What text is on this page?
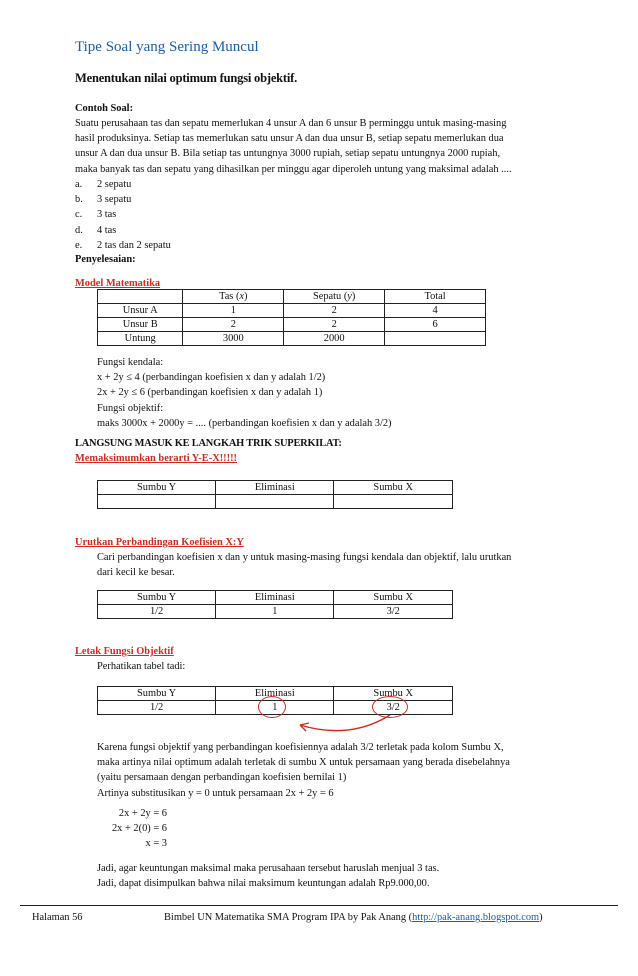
Tipe Soal yang Sering Muncul
Menentukan nilai optimum fungsi objektif.
Contoh Soal:
Suatu perusahaan tas dan sepatu memerlukan 4 unsur A dan 6 unsur B perminggu untuk masing-masing
hasil produksinya. Setiap tas memerlukan satu unsur A dan dua unsur B, setiap sepatu memerlukan dua
unsur A dan dua unsur B. Bila setiap tas untungnya 3000 rupiah, setiap sepatu untungnya 2000 rupiah,
maka banyak tas dan sepatu yang dihasilkan per minggu agar diperoleh untung yang maksimal adalah ....
a. 2 sepatu
b. 3 sepatu
c. 3 tas
d. 4 tas
e. 2 tas dan 2 sepatu
Penyelesaian:
Model Matematika
	Tas (x)	Sepatu (y)	Total
Unsur A	1	2	4
Unsur B	2	2	6
Untung	3000	2000	
Fungsi kendala:
x + 2y ≤ 4 (perbandingan koefisien x dan y adalah 1/2)
2x + 2y ≤ 6 (perbandingan koefisien x dan y adalah 1)
Fungsi objektif:
maks 3000x + 2000y = .... (perbandingan koefisien x dan y adalah 3/2)
LANGSUNG MASUK KE LANGKAH TRIK SUPERKILAT:
Memaksimumkan berarti Y-E-X!!!!!
Sumbu Y	Eliminasi	Sumbu X

Urutkan Perbandingan Koefisien X:Y
Cari perbandingan koefisien x dan y untuk masing-masing fungsi kendala dan objektif, lalu urutkan
dari kecil ke besar.
Sumbu Y	Eliminasi	Sumbu X
1/2	1	3/2
Letak Fungsi Objektif
Perhatikan tabel tadi:
Sumbu Y	Eliminasi	Sumbu X
1/2	1	3/2
Karena fungsi objektif yang perbandingan koefisiennya adalah 3/2 terletak pada kolom Sumbu X,
maka artinya nilai optimum adalah terletak di sumbu X untuk persamaan yang berada disebelahnya
(yaitu persamaan dengan perbandingan koefisien bernilai 1)
Artinya substitusikan y = 0 untuk persamaan 2x + 2y = 6
2x + 2y = 6
2x + 2(0) = 6
x = 3
Jadi, agar keuntungan maksimal maka perusahaan tersebut haruslah menjual 3 tas.
Jadi, dapat disimpulkan bahwa nilai maksimum keuntungan adalah Rp9.000,00.
Halaman 56	Bimbel UN Matematika SMA Program IPA by Pak Anang (http://pak-anang.blogspot.com)
